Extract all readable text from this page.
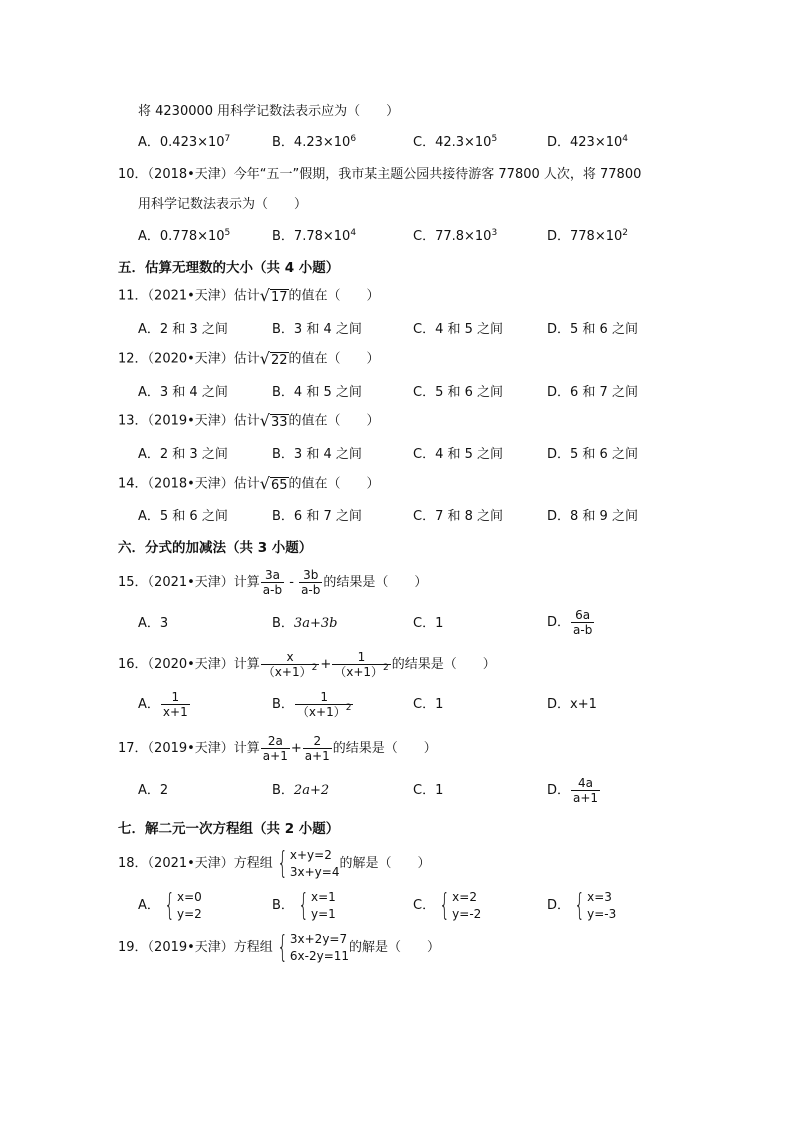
将 4230000 用科学记数法表示应为（　　）
A．$0.423\times 10^7$	B．$4.23\times 10^6$	C．$42.3\times 10^5$	D．$423\times 10^4$
10．（2018•天津）今年“五一”假期，我市某主题公园共接待游客 77800 人次，将 77800
用科学记数法表示为（　　）
A．$0.778\times 10^5$	B．$7.78\times 10^4$	C．$77.8\times 10^3$	D．$778\times 10^2$
五．估算无理数的大小（共 4 小题）
11．（2021•天津）估计 √ 17 的值在（　　）
A．2 和 3 之间	B．3 和 4 之间	C．4 和 5 之间	D．5 和 6 之间
12．（2020•天津）估计 √ 22 的值在（　　）
A．3 和 4 之间	B．4 和 5 之间	C．5 和 6 之间	D．6 和 7 之间
13．（2019•天津）估计 √ 33 的值在（　　）
A．2 和 3 之间	B．3 和 4 之间	C．4 和 5 之间	D．5 和 6 之间
14．（2018•天津）估计 √ 65 的值在（　　）
A．5 和 6 之间	B．6 和 7 之间	C．7 和 8 之间	D．8 和 9 之间
六．分式的加减法（共 3 小题）
15．（2021•天津）计算 $\frac{3a}{a-b} - \frac{3b}{a-b}$ 的结果是（　　）
A．3	B．3a+3b	C．1	D． $\frac{6a}{a-b}$
16．（2020•天津）计算 $\frac{x}{(x+1)^2} + \frac{1}{(x+1)^2}$ 的结果是（　　）
A． $\frac{1}{x+1}$	B． $\frac{1}{(x+1)^2}$	C．1	D．x+1
17．（2019•天津）计算 $\frac{2a}{a+1} + \frac{2}{a+1}$ 的结果是（　　）
A．2	B．2a+2	C．1	D． $\frac{4a}{a+1}$
七．解二元一次方程组（共 2 小题）
18．（2021•天津）方程组 { x+y=2
3x+y=4
的解是（　　）
A． { x=0
y=2
B． { x=1
y=1
C． { x=2
y=-2
D． { x=3
y=-3
19．（2019•天津）方程组 { 3x+2y=7
6x-2y=11
的解是（　　）
